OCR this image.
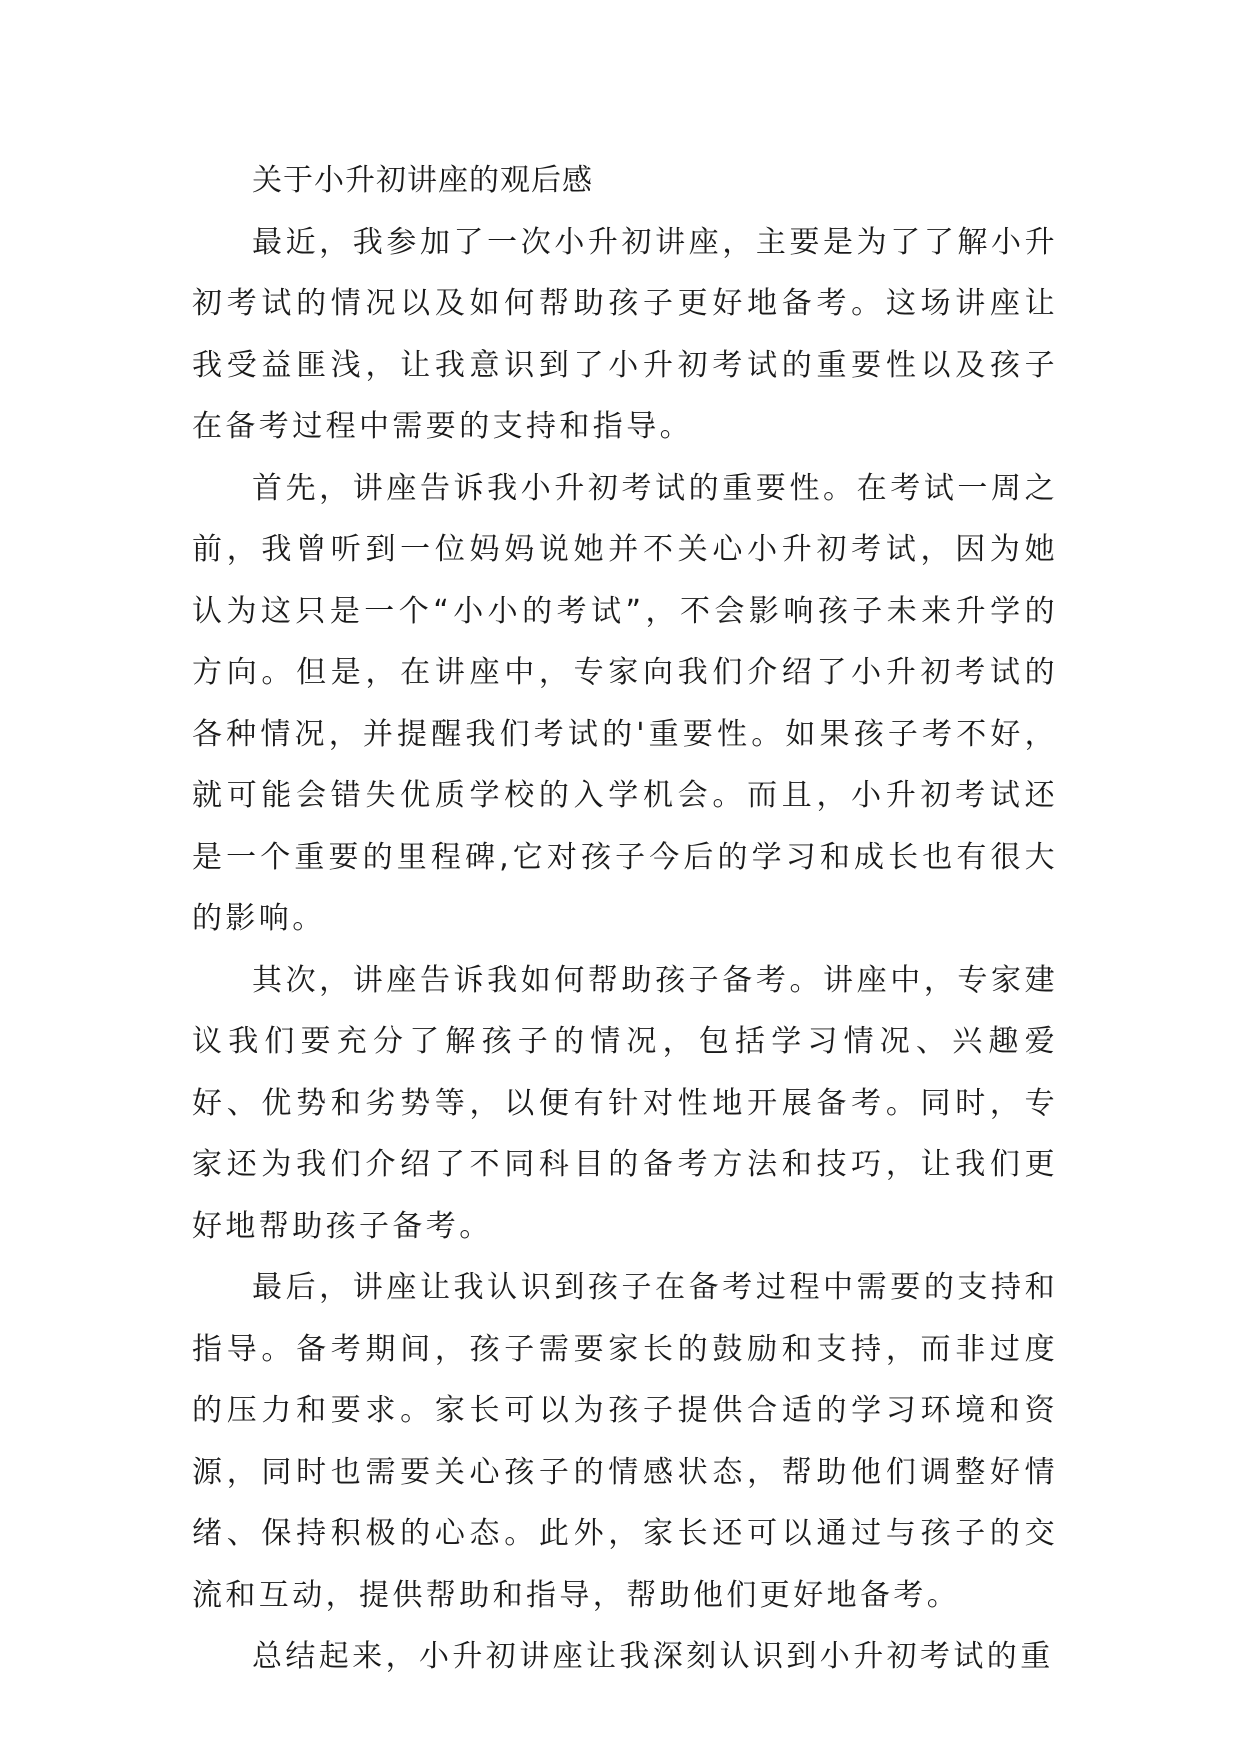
关于小升初讲座的观后感

最近，我参加了一次小升初讲座，主要是为了了解小升初考试的情况以及如何帮助孩子更好地备考。这场讲座让我受益匪浅，让我意识到了小升初考试的重要性以及孩子在备考过程中需要的支持和指导。

首先，讲座告诉我小升初考试的重要性。在考试一周之前，我曾听到一位妈妈说她并不关心小升初考试，因为她认为这只是一个“小小的考试”，不会影响孩子未来升学的方向。但是，在讲座中，专家向我们介绍了小升初考试的各种情况，并提醒我们考试的'重要性。如果孩子考不好，就可能会错失优质学校的入学机会。而且，小升初考试还是一个重要的里程碑,它对孩子今后的学习和成长也有很大的影响。

其次，讲座告诉我如何帮助孩子备考。讲座中，专家建议我们要充分了解孩子的情况，包括学习情况、兴趣爱好、优势和劣势等，以便有针对性地开展备考。同时，专家还为我们介绍了不同科目的备考方法和技巧，让我们更好地帮助孩子备考。

最后，讲座让我认识到孩子在备考过程中需要的支持和指导。备考期间，孩子需要家长的鼓励和支持，而非过度的压力和要求。家长可以为孩子提供合适的学习环境和资源，同时也需要关心孩子的情感状态，帮助他们调整好情绪、保持积极的心态。此外，家长还可以通过与孩子的交流和互动，提供帮助和指导，帮助他们更好地备考。

总结起来，小升初讲座让我深刻认识到小升初考试的重
